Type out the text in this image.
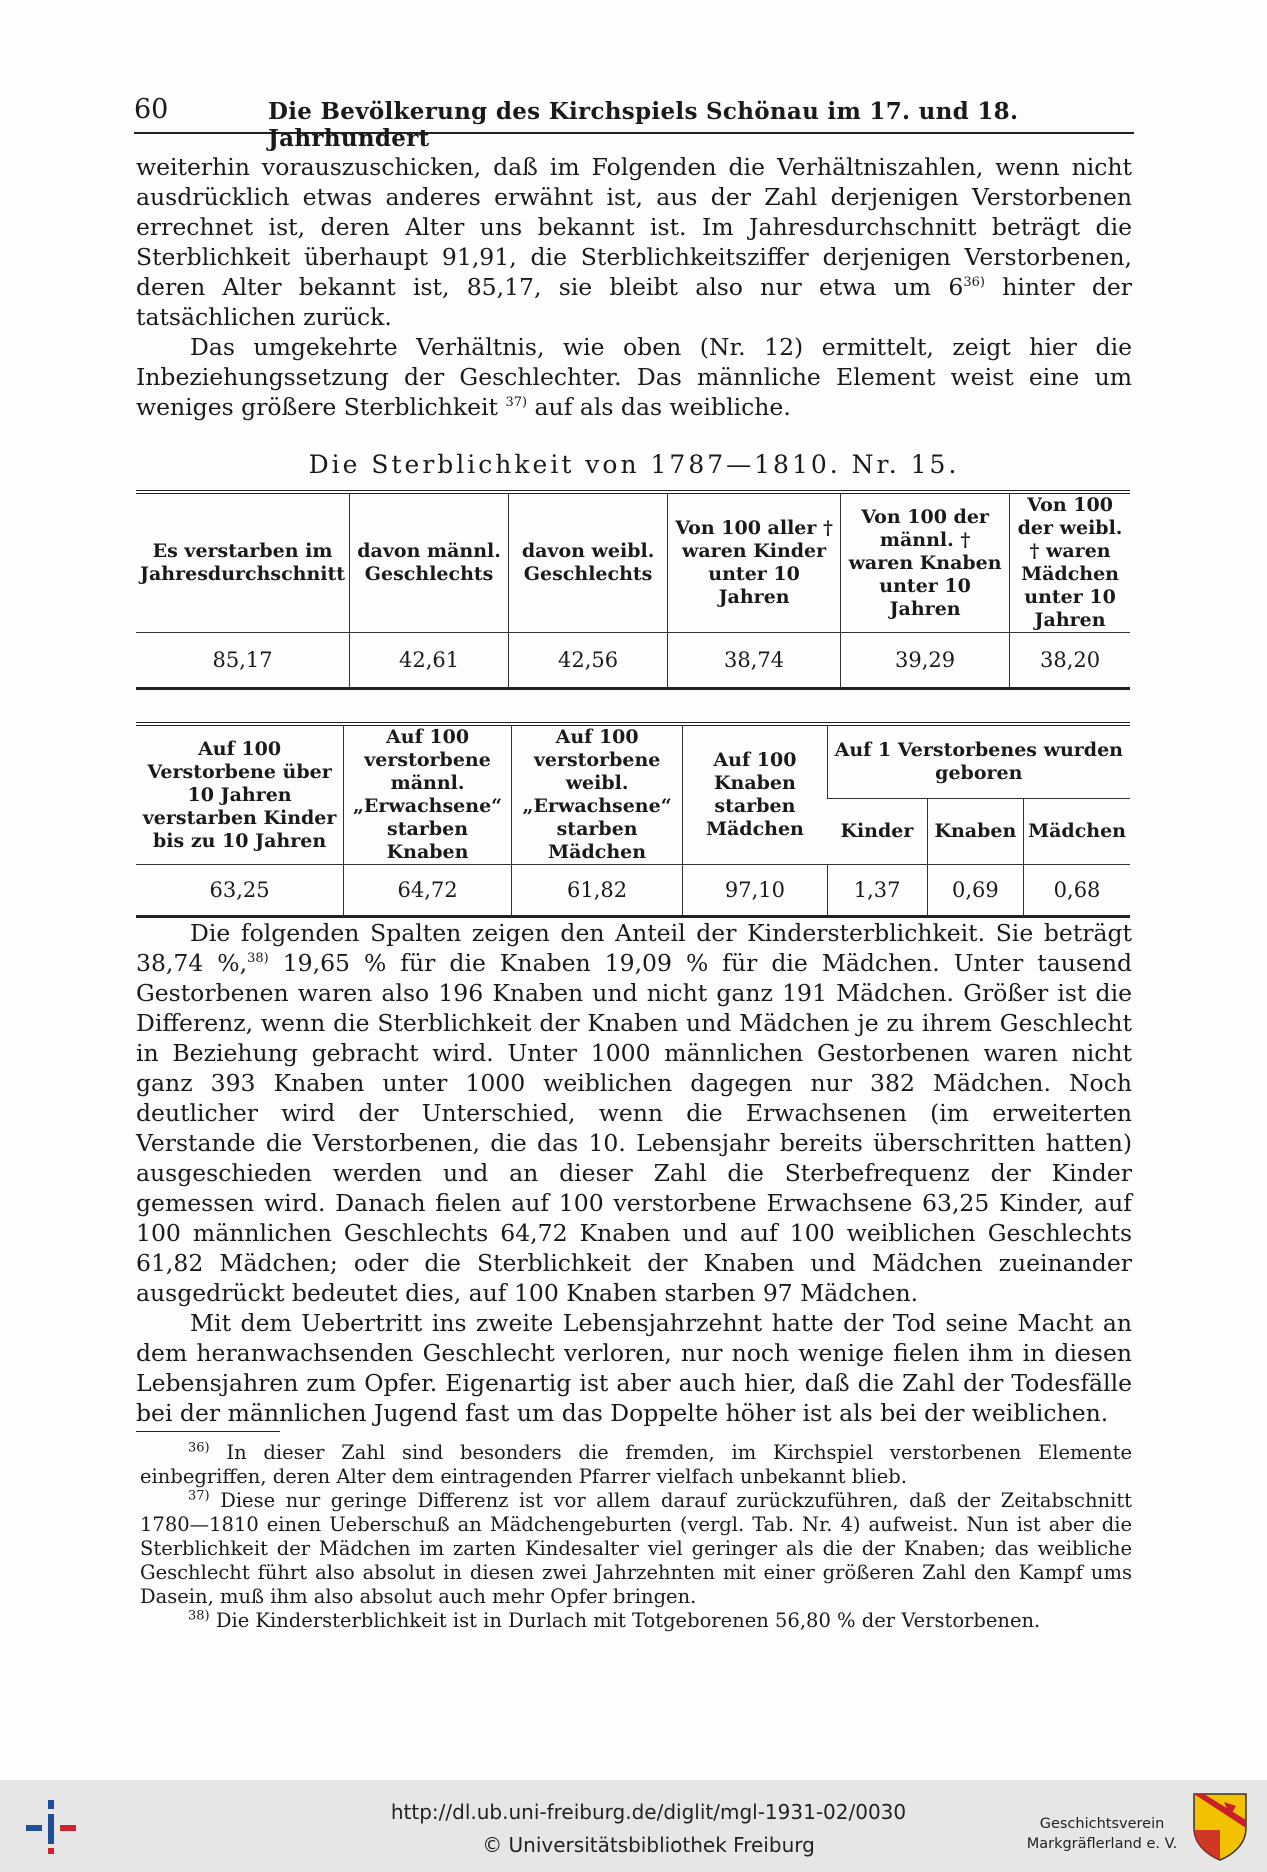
60	Die Bevölkerung des Kirchspiels Schönau im 17. und 18. Jahrhundert

weiterhin vorauszuschicken, daß im Folgenden die Verhältniszahlen, wenn nicht ausdrücklich etwas anderes erwähnt ist, aus der Zahl derjenigen Verstorbenen errechnet ist, deren Alter uns bekannt ist. Im Jahresdurchschnitt beträgt die Sterblichkeit überhaupt 91,91, die Sterblichkeitsziffer derjenigen Verstorbenen, deren Alter bekannt ist, 85,17, sie bleibt also nur etwa um 6$^{36)}$ hinter der tatsächlichen zurück.

Das umgekehrte Verhältnis, wie oben (Nr. 12) ermittelt, zeigt hier die Inbeziehungssetzung der Geschlechter. Das männliche Element weist eine um weniges größere Sterblichkeit $^{37)}$ auf als das weibliche.

Die Sterblichkeit von 1787—1810. Nr. 15.
Es verstarben im Jahresdurchschnitt	davon männl. Geschlechts	davon weibl. Geschlechts	Von 100 aller † waren Kinder unter 10 Jahren	Von 100 der männl. † waren Knaben unter 10 Jahren	Von 100 der weibl. † waren Mädchen unter 10 Jahren
85,17	42,61	42,56	38,74	39,29	38,20
Auf 100 Verstorbene über 10 Jahren verstarben Kinder bis zu 10 Jahren	Auf 100 verstorbene männl. „Erwachsene“ starben Knaben	Auf 100 verstorbene weibl. „Erwachsene“ starben Mädchen	Auf 100 Knaben starben Mädchen	Auf 1 Verstorbenes wurden geboren		
				Kinder	Knaben	Mädchen
63,25	64,72	61,82	97,10	1,37	0,69	0,68

Die folgenden Spalten zeigen den Anteil der Kindersterblichkeit. Sie beträgt 38,74 %,$^{38)}$ 19,65 % für die Knaben 19,09 % für die Mädchen. Unter tausend Gestorbenen waren also 196 Knaben und nicht ganz 191 Mädchen. Größer ist die Differenz, wenn die Sterblichkeit der Knaben und Mädchen je zu ihrem Geschlecht in Beziehung gebracht wird. Unter 1000 männlichen Gestorbenen waren nicht ganz 393 Knaben unter 1000 weiblichen dagegen nur 382 Mädchen. Noch deutlicher wird der Unterschied, wenn die Erwachsenen (im erweiterten Verstande die Verstorbenen, die das 10. Lebensjahr bereits überschritten hatten) ausgeschieden werden und an dieser Zahl die Sterbefrequenz der Kinder gemessen wird. Danach fielen auf 100 verstorbene Erwachsene 63,25 Kinder, auf 100 männlichen Geschlechts 64,72 Knaben und auf 100 weiblichen Geschlechts 61,82 Mädchen; oder die Sterblichkeit der Knaben und Mädchen zueinander ausgedrückt bedeutet dies, auf 100 Knaben starben 97 Mädchen.

Mit dem Uebertritt ins zweite Lebensjahrzehnt hatte der Tod seine Macht an dem heranwachsenden Geschlecht verloren, nur noch wenige fielen ihm in diesen Lebensjahren zum Opfer. Eigenartig ist aber auch hier, daß die Zahl der Todesfälle bei der männlichen Jugend fast um das Doppelte höher ist als bei der weiblichen.

$^{36)}$ In dieser Zahl sind besonders die fremden, im Kirchspiel verstorbenen Elemente einbegriffen, deren Alter dem eintragenden Pfarrer vielfach unbekannt blieb.

$^{37)}$ Diese nur geringe Differenz ist vor allem darauf zurückzuführen, daß der Zeitabschnitt 1780—1810 einen Ueberschuß an Mädchengeburten (vergl. Tab. Nr. 4) aufweist. Nun ist aber die Sterblichkeit der Mädchen im zarten Kindesalter viel geringer als die der Knaben; das weibliche Geschlecht führt also absolut in diesen zwei Jahrzehnten mit einer größeren Zahl den Kampf ums Dasein, muß ihm also absolut auch mehr Opfer bringen.

$^{38)}$ Die Kindersterblichkeit ist in Durlach mit Totgeborenen 56,80 % der Verstorbenen.

http://dl.ub.uni-freiburg.de/diglit/mgl-1931-02/0030
© Universitätsbibliothek Freiburg
Geschichtsverein
Markgräflerland e. V.
